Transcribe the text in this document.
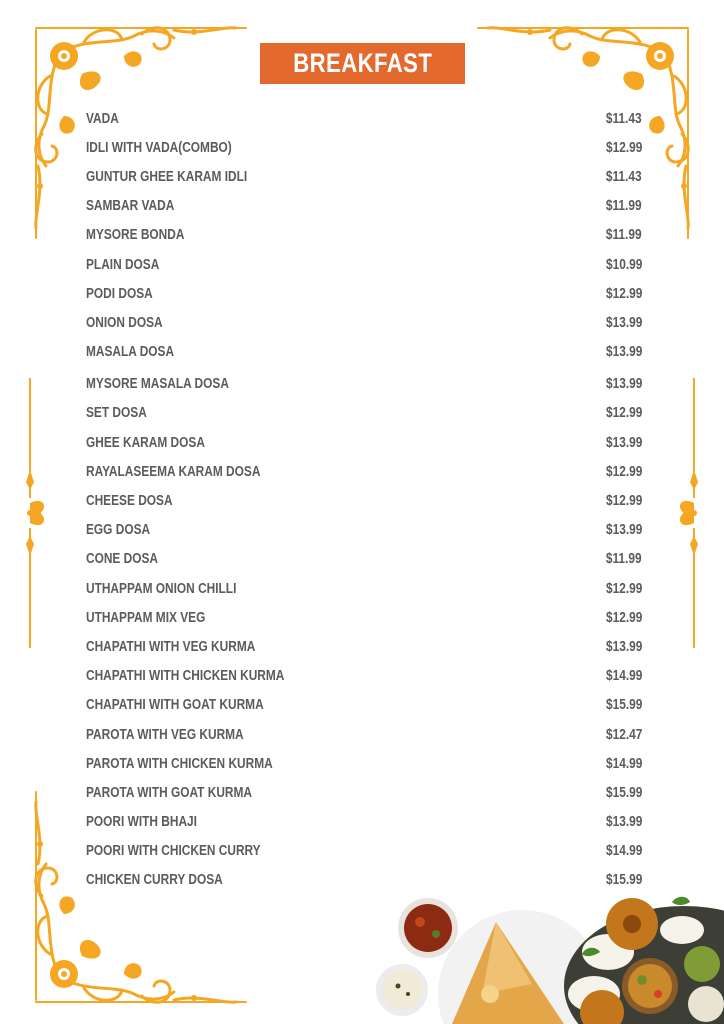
BREAKFAST
VADA	$11.43
IDLI WITH VADA(COMBO)	$12.99
GUNTUR GHEE KARAM IDLI	$11.43
SAMBAR VADA	$11.99
MYSORE BONDA	$11.99
PLAIN DOSA	$10.99
PODI DOSA	$12.99
ONION DOSA	$13.99
MASALA DOSA	$13.99
MYSORE MASALA DOSA	$13.99
SET DOSA	$12.99
GHEE KARAM DOSA	$13.99
RAYALASEEMA KARAM DOSA	$12.99
CHEESE DOSA	$12.99
EGG DOSA	$13.99
CONE DOSA	$11.99
UTHAPPAM ONION CHILLI	$12.99
UTHAPPAM MIX VEG	$12.99
CHAPATHI WITH VEG KURMA	$13.99
CHAPATHI WITH CHICKEN KURMA	$14.99
CHAPATHI WITH GOAT KURMA	$15.99
PAROTA WITH VEG KURMA	$12.47
PAROTA WITH CHICKEN KURMA	$14.99
PAROTA WITH GOAT KURMA	$15.99
POORI WITH BHAJI	$13.99
POORI WITH CHICKEN CURRY	$14.99
CHICKEN CURRY DOSA	$15.99
